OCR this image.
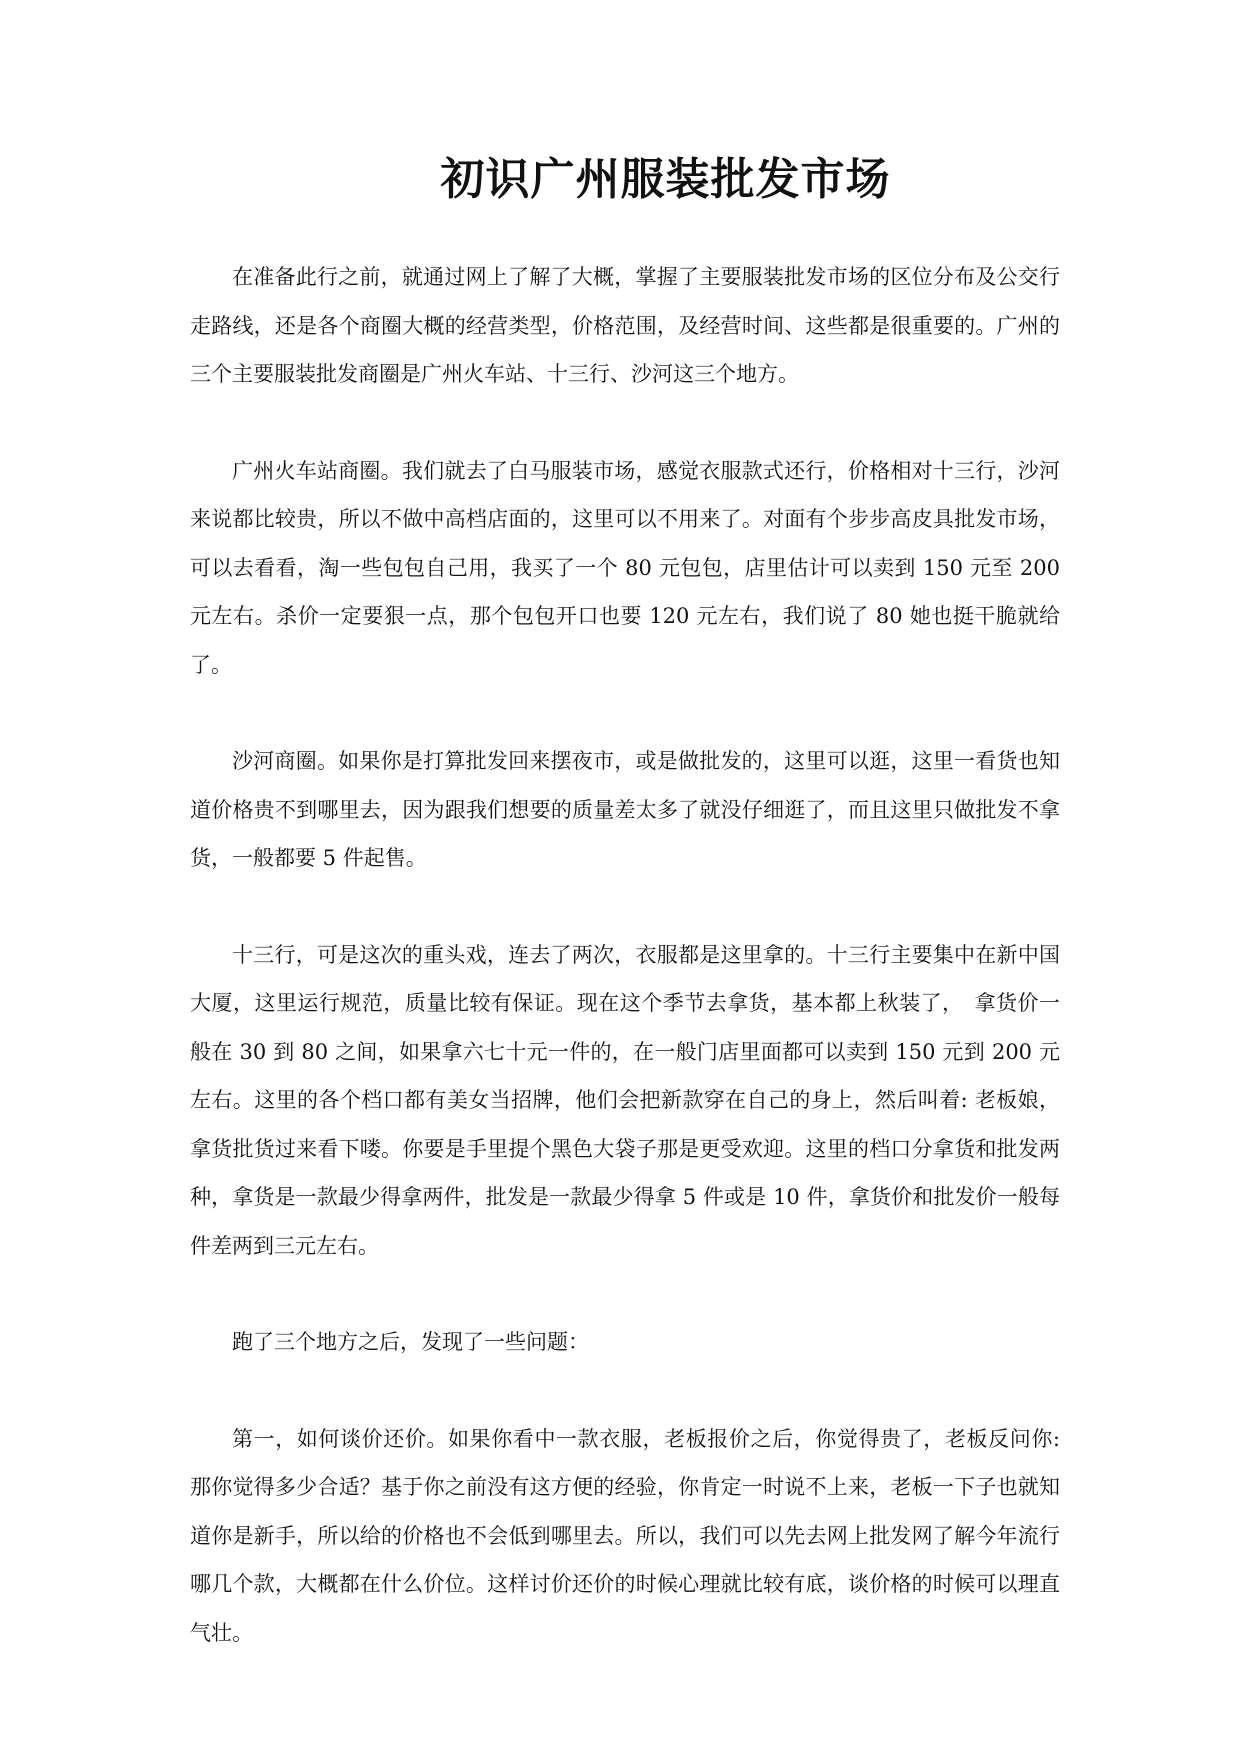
初识广州服装批发市场

在准备此行之前，就通过网上了解了大概，掌握了主要服装批发市场的区位分布及公交行走路线，还是各个商圈大概的经营类型，价格范围，及经营时间、这些都是很重要的。广州的三个主要服装批发商圈是广州火车站、十三行、沙河这三个地方。

广州火车站商圈。我们就去了白马服装市场，感觉衣服款式还行，价格相对十三行，沙河来说都比较贵，所以不做中高档店面的，这里可以不用来了。对面有个步步高皮具批发市场，可以去看看，淘一些包包自己用，我买了一个 80 元包包，店里估计可以卖到 150 元至 200 元左右。杀价一定要狠一点，那个包包开口也要 120 元左右，我们说了 80 她也挺干脆就给了。

沙河商圈。如果你是打算批发回来摆夜市，或是做批发的，这里可以逛，这里一看货也知道价格贵不到哪里去，因为跟我们想要的质量差太多了就没仔细逛了，而且这里只做批发不拿货，一般都要 5 件起售。

十三行，可是这次的重头戏，连去了两次，衣服都是这里拿的。十三行主要集中在新中国大厦，这里运行规范，质量比较有保证。现在这个季节去拿货，基本都上秋装了，　拿货价一般在 30 到 80 之间，如果拿六七十元一件的，在一般门店里面都可以卖到 150 元到 200 元左右。这里的各个档口都有美女当招牌，他们会把新款穿在自己的身上，然后叫着: 老板娘，拿货批货过来看下喽。你要是手里提个黑色大袋子那是更受欢迎。这里的档口分拿货和批发两种，拿货是一款最少得拿两件，批发是一款最少得拿 5 件或是 10 件，拿货价和批发价一般每件差两到三元左右。

跑了三个地方之后，发现了一些问题：

第一，如何谈价还价。如果你看中一款衣服，老板报价之后，你觉得贵了，老板反问你: 那你觉得多少合适？基于你之前没有这方便的经验，你肯定一时说不上来，老板一下子也就知道你是新手，所以给的价格也不会低到哪里去。所以，我们可以先去网上批发网了解今年流行哪几个款，大概都在什么价位。这样讨价还价的时候心理就比较有底，谈价格的时候可以理直气壮。
